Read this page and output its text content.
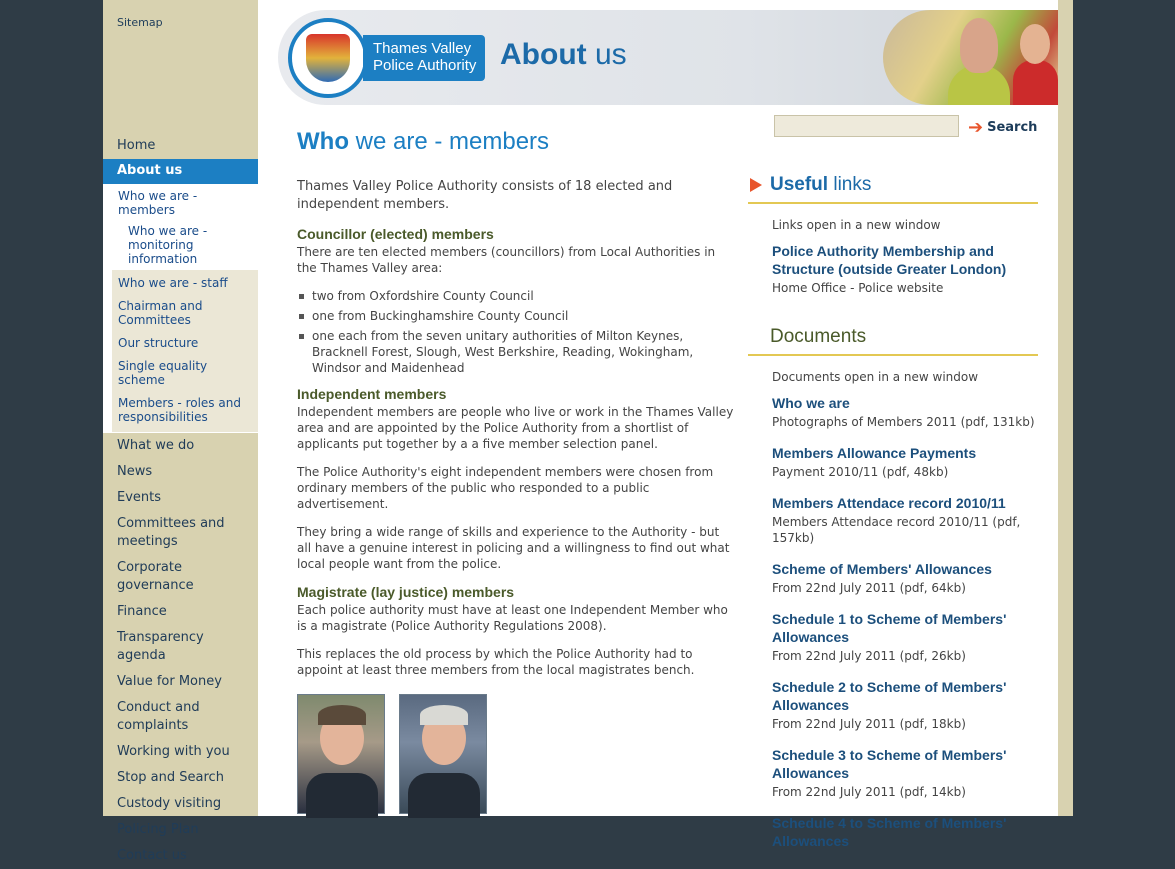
Sitemap
Home
About us
Who we are - members
Who we are - monitoring information
Who we are - staff
Chairman and Committees
Our structure
Single equality scheme
Members - roles and responsibilities
What we do
News
Events
Committees and meetings
Corporate governance
Finance
Transparency agenda
Value for Money
Conduct and complaints
Working with you
Stop and Search
Custody visiting
Policing Plan
Contact us
Thames Valley
Police Authority About us
➔ Search
Who we are - members

Thames Valley Police Authority consists of 18 elected and independent members.

Councillor (elected) members

There are ten elected members (councillors) from Local Authorities in the Thames Valley area:

two from Oxfordshire County Council
one from Buckinghamshire County Council
one each from the seven unitary authorities of Milton Keynes, Bracknell Forest, Slough, West Berkshire, Reading, Wokingham, Windsor and Maidenhead
Independent members

Independent members are people who live or work in the Thames Valley area and are appointed by the Police Authority from a shortlist of applicants put together by a a five member selection panel.

The Police Authority's eight independent members were chosen from ordinary members of the public who responded to a public advertisement.

They bring a wide range of skills and experience to the Authority - but all have a genuine interest in policing and a willingness to find out what local people want from the police.

Magistrate (lay justice) members

Each police authority must have at least one Independent Member who is a magistrate (Police Authority Regulations 2008).

This replaces the old process by which the Police Authority had to appoint at least three members from the local magistrates bench.

Useful links
Links open in a new window
Police Authority Membership and Structure (outside Greater London)
Home Office - Police website
Documents
Documents open in a new window
Who we are
Photographs of Members 2011 (pdf, 131kb)
Members Allowance Payments
Payment 2010/11 (pdf, 48kb)
Members Attendace record 2010/11
Members Attendace record 2010/11 (pdf, 157kb)
Scheme of Members' Allowances
From 22nd July 2011 (pdf, 64kb)
Schedule 1 to Scheme of Members' Allowances
From 22nd July 2011 (pdf, 26kb)
Schedule 2 to Scheme of Members' Allowances
From 22nd July 2011 (pdf, 18kb)
Schedule 3 to Scheme of Members' Allowances
From 22nd July 2011 (pdf, 14kb)
Schedule 4 to Scheme of Members' Allowances
